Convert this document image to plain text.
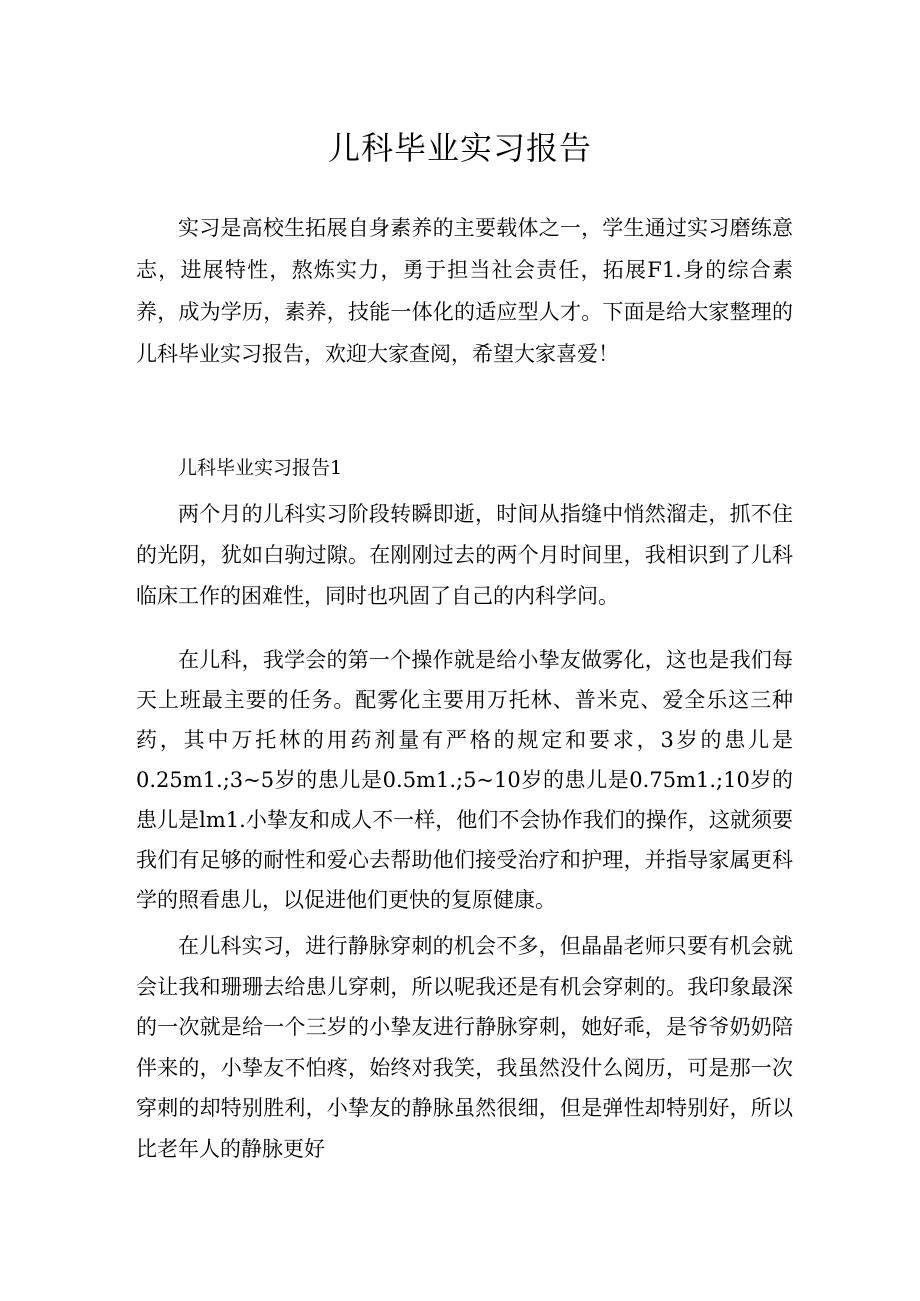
儿科毕业实习报告

实习是高校生拓展自身素养的主要载体之一，学生通过实习磨练意志，进展特性，熬炼实力，勇于担当社会责任，拓展F1.身的综合素养，成为学历，素养，技能一体化的适应型人才。下面是给大家整理的儿科毕业实习报告，欢迎大家查阅，希望大家喜爱！

儿科毕业实习报告1

两个月的儿科实习阶段转瞬即逝，时间从指缝中悄然溜走，抓不住的光阴，犹如白驹过隙。在刚刚过去的两个月时间里，我相识到了儿科临床工作的困难性，同时也巩固了自己的内科学问。

在儿科，我学会的第一个操作就是给小挚友做雾化，这也是我们每天上班最主要的任务。配雾化主要用万托林、普米克、爱全乐这三种药，其中万托林的用药剂量有严格的规定和要求，3岁的患儿是0.25m1.;3~5岁的患儿是0.5m1.;5~10岁的患儿是0.75m1.;10岁的患儿是lm1.小挚友和成人不一样，他们不会协作我们的操作，这就须要我们有足够的耐性和爱心去帮助他们接受治疗和护理，并指导家属更科学的照看患儿，以促进他们更快的复原健康。

在儿科实习，进行静脉穿刺的机会不多，但晶晶老师只要有机会就会让我和珊珊去给患儿穿刺，所以呢我还是有机会穿刺的。我印象最深的一次就是给一个三岁的小挚友进行静脉穿刺，她好乖，是爷爷奶奶陪伴来的，小挚友不怕疼，始终对我笑，我虽然没什么阅历，可是那一次穿刺的却特别胜利，小挚友的静脉虽然很细，但是弹性却特别好，所以比老年人的静脉更好
